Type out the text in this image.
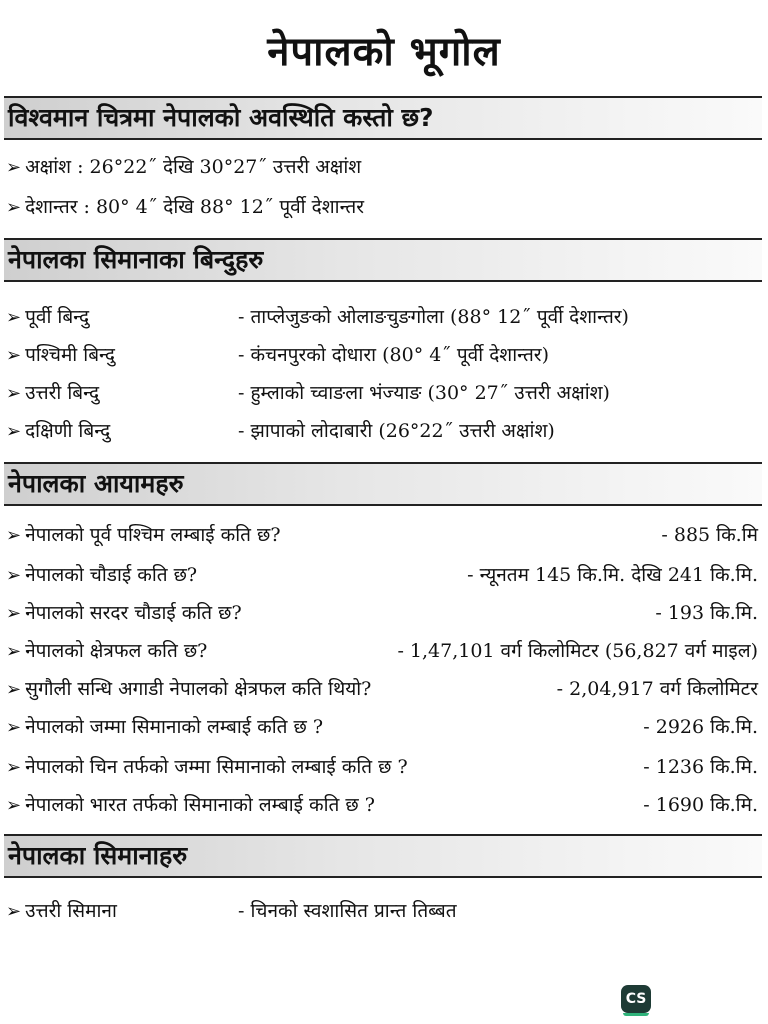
नेपालको भूगोल
विश्वमान चित्रमा नेपालको अवस्थिति कस्तो छ?
➢ अक्षांश : 26°22˝ देखि 30°27˝ उत्तरी अक्षांश
➢ देशान्तर : 80° 4˝ देखि 88° 12˝ पूर्वी देशान्तर
नेपालका सिमानाका बिन्दुहरु
➢ पूर्वी बिन्दु	- ताप्लेजुङको ओलाङचुङगोला (88° 12˝ पूर्वी देशान्तर)
➢ पश्चिमी बिन्दु	- कंचनपुरको दोधारा (80° 4˝ पूर्वी देशान्तर)
➢ उत्तरी बिन्दु	- हुम्लाको च्वाङला भंज्याङ (30° 27˝ उत्तरी अक्षांश)
➢ दक्षिणी बिन्दु	- झापाको लोदाबारी (26°22˝ उत्तरी अक्षांश)
नेपालका आयामहरु
➢ नेपालको पूर्व पश्चिम लम्बाई कति छ?	- 885 कि.मि
➢ नेपालको चौडाई कति छ?	- न्यूनतम 145 कि.मि. देखि 241 कि.मि.
➢ नेपालको सरदर चौडाई कति छ?	- 193 कि.मि.
➢ नेपालको क्षेत्रफल कति छ?	- 1,47,101 वर्ग किलोमिटर (56,827 वर्ग माइल)
➢ सुगौली सन्धि अगाडी नेपालको क्षेत्रफल कति थियो?	- 2,04,917 वर्ग किलोमिटर
➢ नेपालको जम्मा सिमानाको लम्बाई कति छ ?	- 2926 कि.मि.
➢ नेपालको चिन तर्फको जम्मा सिमानाको लम्बाई कति छ ?	- 1236 कि.मि.
➢ नेपालको भारत तर्फको सिमानाको लम्बाई कति छ ?	- 1690 कि.मि.
नेपालका सिमानाहरु
➢ उत्तरी सिमाना	- चिनको स्वशासित प्रान्त तिब्बत
CS
